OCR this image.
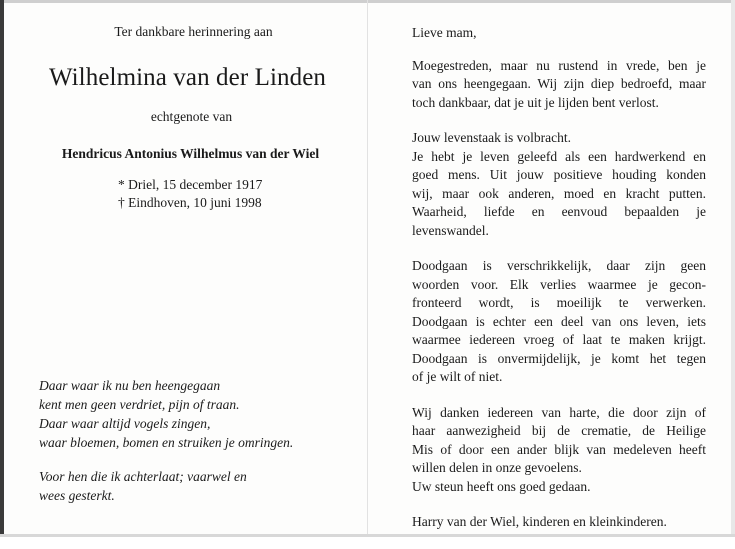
Ter dankbare herinnering aan
Wilhelmina van der Linden
echtgenote van
Hendricus Antonius Wilhelmus van der Wiel
* Driel, 15 december 1917
† Eindhoven, 10 juni 1998
Daar waar ik nu ben heengegaan
kent men geen verdriet, pijn of traan.
Daar waar altijd vogels zingen,
waar bloemen, bomen en struiken je omringen.
Voor hen die ik achterlaat; vaarwel en
wees gesterkt.
Lieve mam,

Moegestreden, maar nu rustend in vrede, ben je
van ons heengegaan. Wij zijn diep bedroefd, maar
toch dankbaar, dat je uit je lijden bent verlost.

Jouw levenstaak is volbracht.
Je hebt je leven geleefd als een hardwerkend en
goed mens. Uit jouw positieve houding konden
wij, maar ook anderen, moed en kracht putten.
Waarheid, liefde en eenvoud bepaalden je
levenswandel.

Doodgaan is verschrikkelijk, daar zijn geen
woorden voor. Elk verlies waarmee je gecon-
fronteerd wordt, is moeilijk te verwerken.
Doodgaan is echter een deel van ons leven, iets
waarmee iedereen vroeg of laat te maken krijgt.
Doodgaan is onvermijdelijk, je komt het tegen
of je wilt of niet.

Wij danken iedereen van harte, die door zijn of
haar aanwezigheid bij de crematie, de Heilige
Mis of door een ander blijk van medeleven heeft
willen delen in onze gevoelens.
Uw steun heeft ons goed gedaan.

Harry van der Wiel, kinderen en kleinkinderen.
